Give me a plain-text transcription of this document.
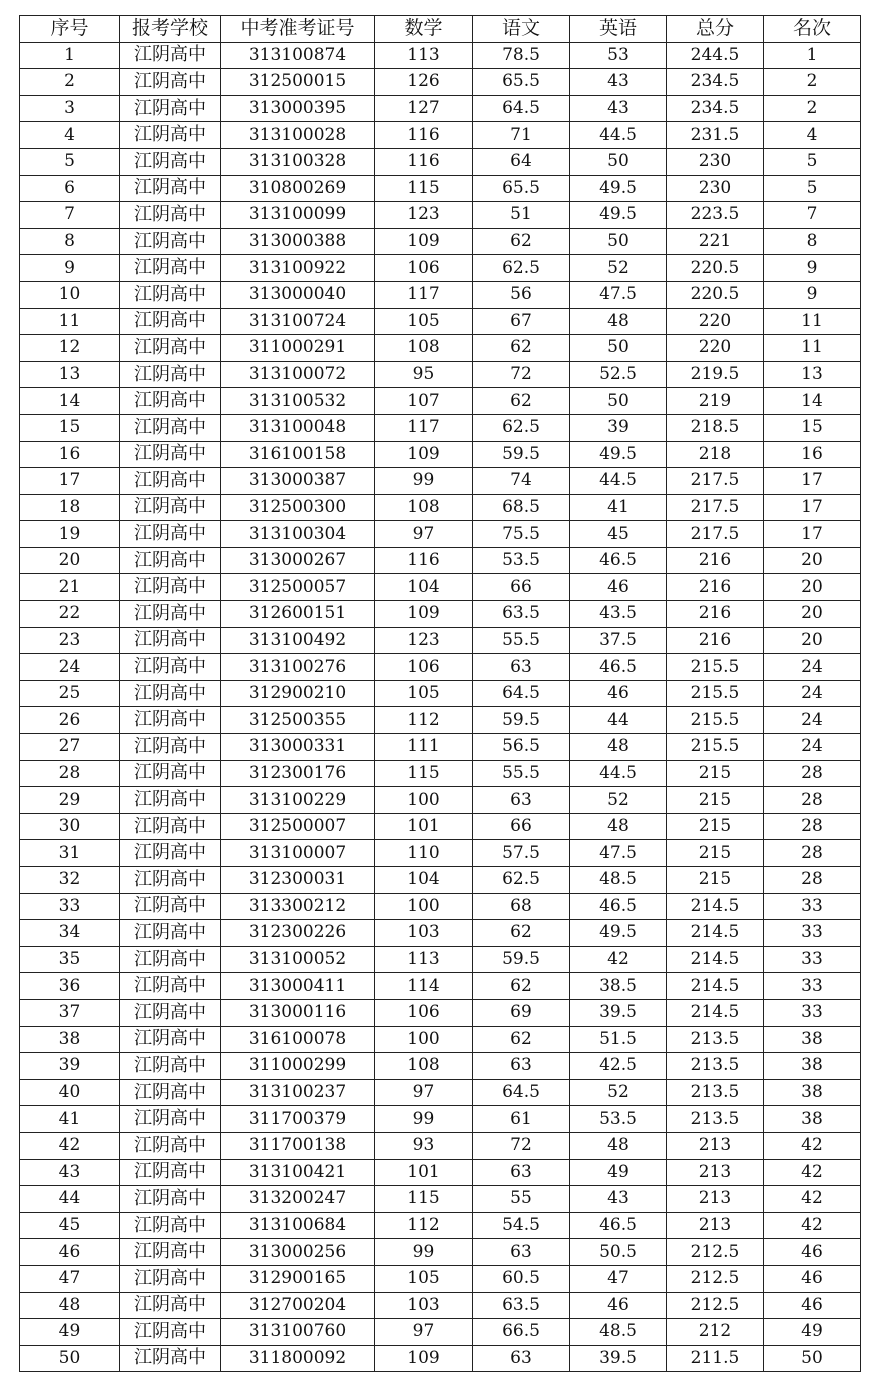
序号	报考学校	中考准考证号	数学	语文	英语	总分	名次
1	江阴高中	313100874	113	78.5	53	244.5	1
2	江阴高中	312500015	126	65.5	43	234.5	2
3	江阴高中	313000395	127	64.5	43	234.5	2
4	江阴高中	313100028	116	71	44.5	231.5	4
5	江阴高中	313100328	116	64	50	230	5
6	江阴高中	310800269	115	65.5	49.5	230	5
7	江阴高中	313100099	123	51	49.5	223.5	7
8	江阴高中	313000388	109	62	50	221	8
9	江阴高中	313100922	106	62.5	52	220.5	9
10	江阴高中	313000040	117	56	47.5	220.5	9
11	江阴高中	313100724	105	67	48	220	11
12	江阴高中	311000291	108	62	50	220	11
13	江阴高中	313100072	95	72	52.5	219.5	13
14	江阴高中	313100532	107	62	50	219	14
15	江阴高中	313100048	117	62.5	39	218.5	15
16	江阴高中	316100158	109	59.5	49.5	218	16
17	江阴高中	313000387	99	74	44.5	217.5	17
18	江阴高中	312500300	108	68.5	41	217.5	17
19	江阴高中	313100304	97	75.5	45	217.5	17
20	江阴高中	313000267	116	53.5	46.5	216	20
21	江阴高中	312500057	104	66	46	216	20
22	江阴高中	312600151	109	63.5	43.5	216	20
23	江阴高中	313100492	123	55.5	37.5	216	20
24	江阴高中	313100276	106	63	46.5	215.5	24
25	江阴高中	312900210	105	64.5	46	215.5	24
26	江阴高中	312500355	112	59.5	44	215.5	24
27	江阴高中	313000331	111	56.5	48	215.5	24
28	江阴高中	312300176	115	55.5	44.5	215	28
29	江阴高中	313100229	100	63	52	215	28
30	江阴高中	312500007	101	66	48	215	28
31	江阴高中	313100007	110	57.5	47.5	215	28
32	江阴高中	312300031	104	62.5	48.5	215	28
33	江阴高中	313300212	100	68	46.5	214.5	33
34	江阴高中	312300226	103	62	49.5	214.5	33
35	江阴高中	313100052	113	59.5	42	214.5	33
36	江阴高中	313000411	114	62	38.5	214.5	33
37	江阴高中	313000116	106	69	39.5	214.5	33
38	江阴高中	316100078	100	62	51.5	213.5	38
39	江阴高中	311000299	108	63	42.5	213.5	38
40	江阴高中	313100237	97	64.5	52	213.5	38
41	江阴高中	311700379	99	61	53.5	213.5	38
42	江阴高中	311700138	93	72	48	213	42
43	江阴高中	313100421	101	63	49	213	42
44	江阴高中	313200247	115	55	43	213	42
45	江阴高中	313100684	112	54.5	46.5	213	42
46	江阴高中	313000256	99	63	50.5	212.5	46
47	江阴高中	312900165	105	60.5	47	212.5	46
48	江阴高中	312700204	103	63.5	46	212.5	46
49	江阴高中	313100760	97	66.5	48.5	212	49
50	江阴高中	311800092	109	63	39.5	211.5	50
